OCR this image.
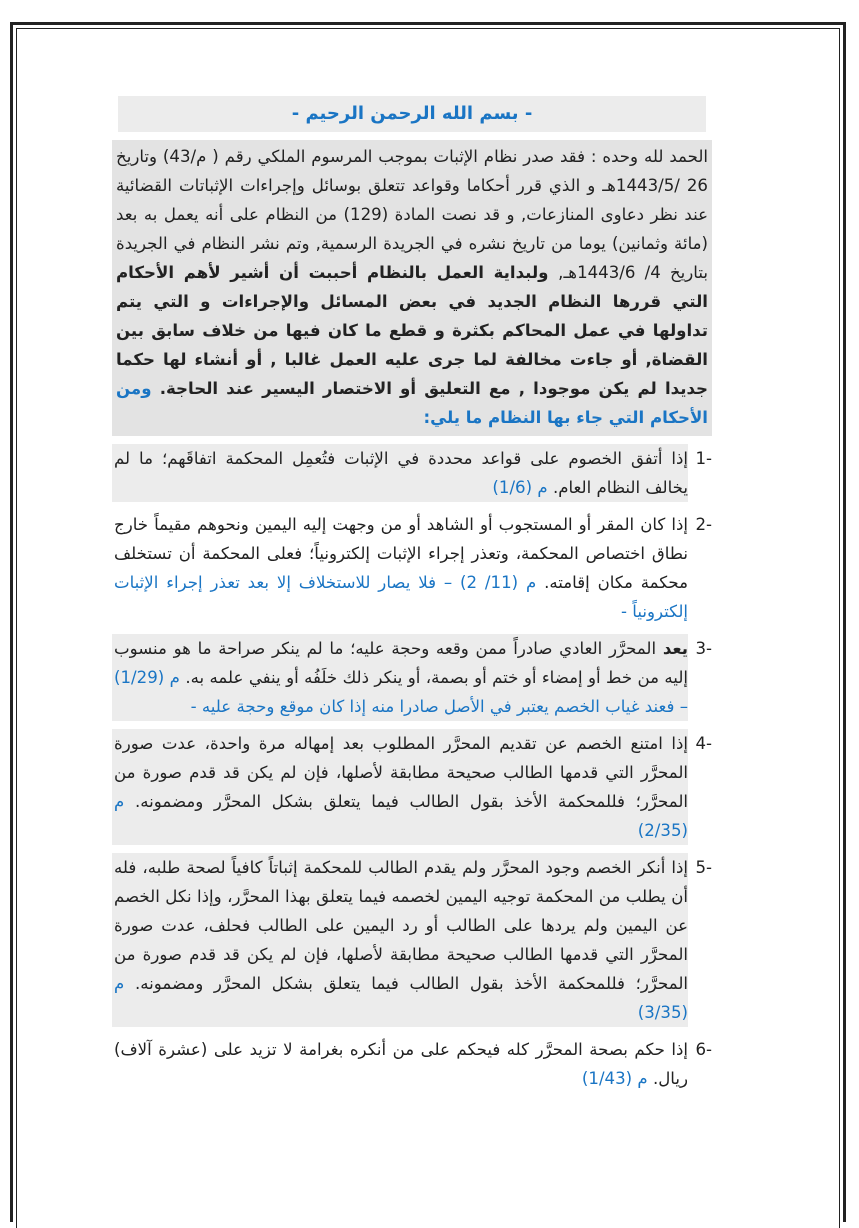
- بسم الله الرحمن الرحيم -
الحمد لله وحده : فقد صدر نظام الإثبات بموجب المرسوم الملكي رقم ( م/43) وتاريخ 26 /1443/5هـ و الذي قرر أحكاما وقواعد تتعلق بوسائل وإجراءات الإثباتات القضائية عند نظر دعاوى المنازعات, و قد نصت المادة (129) من النظام على أنه يعمل به بعد (مائة وثمانين) يوما من تاريخ نشره في الجريدة الرسمية, وتم نشر النظام في الجريدة بتاريخ 4/ 1443/6هـ, ولبداية العمل بالنظام أحببت أن أشير لأهم الأحكام التي قررها النظام الجديد في بعض المسائل والإجراءات و التي يتم تداولها في عمل المحاكم بكثرة و قطع ما كان فيها من خلاف سابق بين القضاة, أو جاءت مخالفة لما جرى عليه العمل غالبا , أو أنشاء لها حكما جديدا لم يكن موجودا , مع التعليق أو الاختصار اليسير عند الحاجة. ومن الأحكام التي جاء بها النظام ما يلي:
-1
إذا أتفق الخصوم على قواعد محددة في الإثبات فتُعمِل المحكمة اتفاقَهم؛ ما لم يخالف النظام العام. م (1/6)
-2
إذا كان المقر أو المستجوب أو الشاهد أو من وجهت إليه اليمين ونحوهم مقيماً خارج نطاق اختصاص المحكمة، وتعذر إجراء الإثبات إلكترونياً؛ فعلى المحكمة أن تستخلف محكمة مكان إقامته. م (11/ 2) – فلا يصار للاستخلاف إلا بعد تعذر إجراء الإثبات إلكترونياً -
-3
يعد المحرَّر العادي صادراً ممن وقعه وحجة عليه؛ ما لم ينكر صراحة ما هو منسوب إليه من خط أو إمضاء أو ختم أو بصمة، أو ينكر ذلك خلَفُه أو ينفي علمه به. م (1/29) – فعند غياب الخصم يعتبر في الأصل صادرا منه إذا كان موقع وحجة عليه -
-4
إذا امتنع الخصم عن تقديم المحرَّر المطلوب بعد إمهاله مرة واحدة، عدت صورة المحرَّر التي قدمها الطالب صحيحة مطابقة لأصلها، فإن لم يكن قد قدم صورة من المحرَّر؛ فللمحكمة الأخذ بقول الطالب فيما يتعلق بشكل المحرَّر ومضمونه. م (2/35)
-5
إذا أنكر الخصم وجود المحرَّر ولم يقدم الطالب للمحكمة إثباتاً كافياً لصحة طلبه، فله أن يطلب من المحكمة توجيه اليمين لخصمه فيما يتعلق بهذا المحرَّر، وإذا نكل الخصم عن اليمين ولم يردها على الطالب أو رد اليمين على الطالب فحلف، عدت صورة المحرَّر التي قدمها الطالب صحيحة مطابقة لأصلها، فإن لم يكن قد قدم صورة من المحرَّر؛ فللمحكمة الأخذ بقول الطالب فيما يتعلق بشكل المحرَّر ومضمونه. م (3/35)
-6
إذا حكم بصحة المحرَّر كله فيحكم على من أنكره بغرامة لا تزيد على (عشرة آلاف) ريال. م (1/43)
